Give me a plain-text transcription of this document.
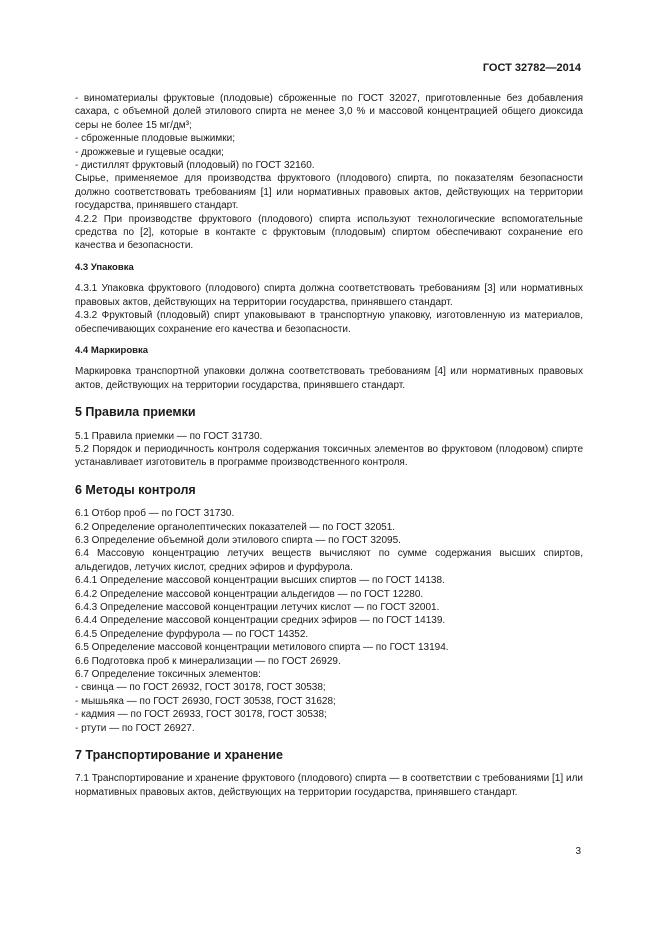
ГОСТ 32782—2014

- виноматериалы фруктовые (плодовые) сброженные по ГОСТ 32027, приготовленные без добавления сахара, с объемной долей этилового спирта не менее 3,0 % и массовой концентрацией общего диоксида серы не более 15 мг/дм³;

- сброженные плодовые выжимки;

- дрожжевые и гущевые осадки;

- дистиллят фруктовый (плодовый) по ГОСТ 32160.

Сырье, применяемое для производства фруктового (плодового) спирта, по показателям безопасности должно соответствовать требованиям [1] или нормативных правовых актов, действующих на территории государства, принявшего стандарт.

4.2.2 При производстве фруктового (плодового) спирта используют технологические вспомогательные средства по [2], которые в контакте с фруктовым (плодовым) спиртом обеспечивают сохранение его качества и безопасности.

4.3 Упаковка

4.3.1 Упаковка фруктового (плодового) спирта должна соответствовать требованиям [3] или нормативных правовых актов, действующих на территории государства, принявшего стандарт.

4.3.2 Фруктовый (плодовый) спирт упаковывают в транспортную упаковку, изготовленную из материалов, обеспечивающих сохранение его качества и безопасности.

4.4 Маркировка

Маркировка транспортной упаковки должна соответствовать требованиям [4] или нормативных правовых актов, действующих на территории государства, принявшего стандарт.

5 Правила приемки

5.1 Правила приемки — по ГОСТ 31730.

5.2 Порядок и периодичность контроля содержания токсичных элементов во фруктовом (плодовом) спирте устанавливает изготовитель в программе производственного контроля.

6 Методы контроля

6.1 Отбор проб — по ГОСТ 31730.

6.2 Определение органолептических показателей — по ГОСТ 32051.

6.3 Определение объемной доли этилового спирта — по ГОСТ 32095.

6.4 Массовую концентрацию летучих веществ вычисляют по сумме содержания высших спиртов, альдегидов, летучих кислот, средних эфиров и фурфурола.

6.4.1 Определение массовой концентрации высших спиртов — по ГОСТ 14138.

6.4.2 Определение массовой концентрации альдегидов — по ГОСТ 12280.

6.4.3 Определение массовой концентрации летучих кислот — по ГОСТ 32001.

6.4.4 Определение массовой концентрации средних эфиров — по ГОСТ 14139.

6.4.5 Определение фурфурола — по ГОСТ 14352.

6.5 Определение массовой концентрации метилового спирта — по ГОСТ 13194.

6.6 Подготовка проб к минерализации — по ГОСТ 26929.

6.7 Определение токсичных элементов:

- свинца — по ГОСТ 26932, ГОСТ 30178, ГОСТ 30538;

- мышьяка — по ГОСТ 26930, ГОСТ 30538, ГОСТ 31628;

- кадмия — по ГОСТ 26933, ГОСТ 30178, ГОСТ 30538;

- ртути — по ГОСТ 26927.

7 Транспортирование и хранение

7.1 Транспортирование и хранение фруктового (плодового) спирта — в соответствии с требованиями [1] или нормативных правовых актов, действующих на территории государства, принявшего стандарт.

3
